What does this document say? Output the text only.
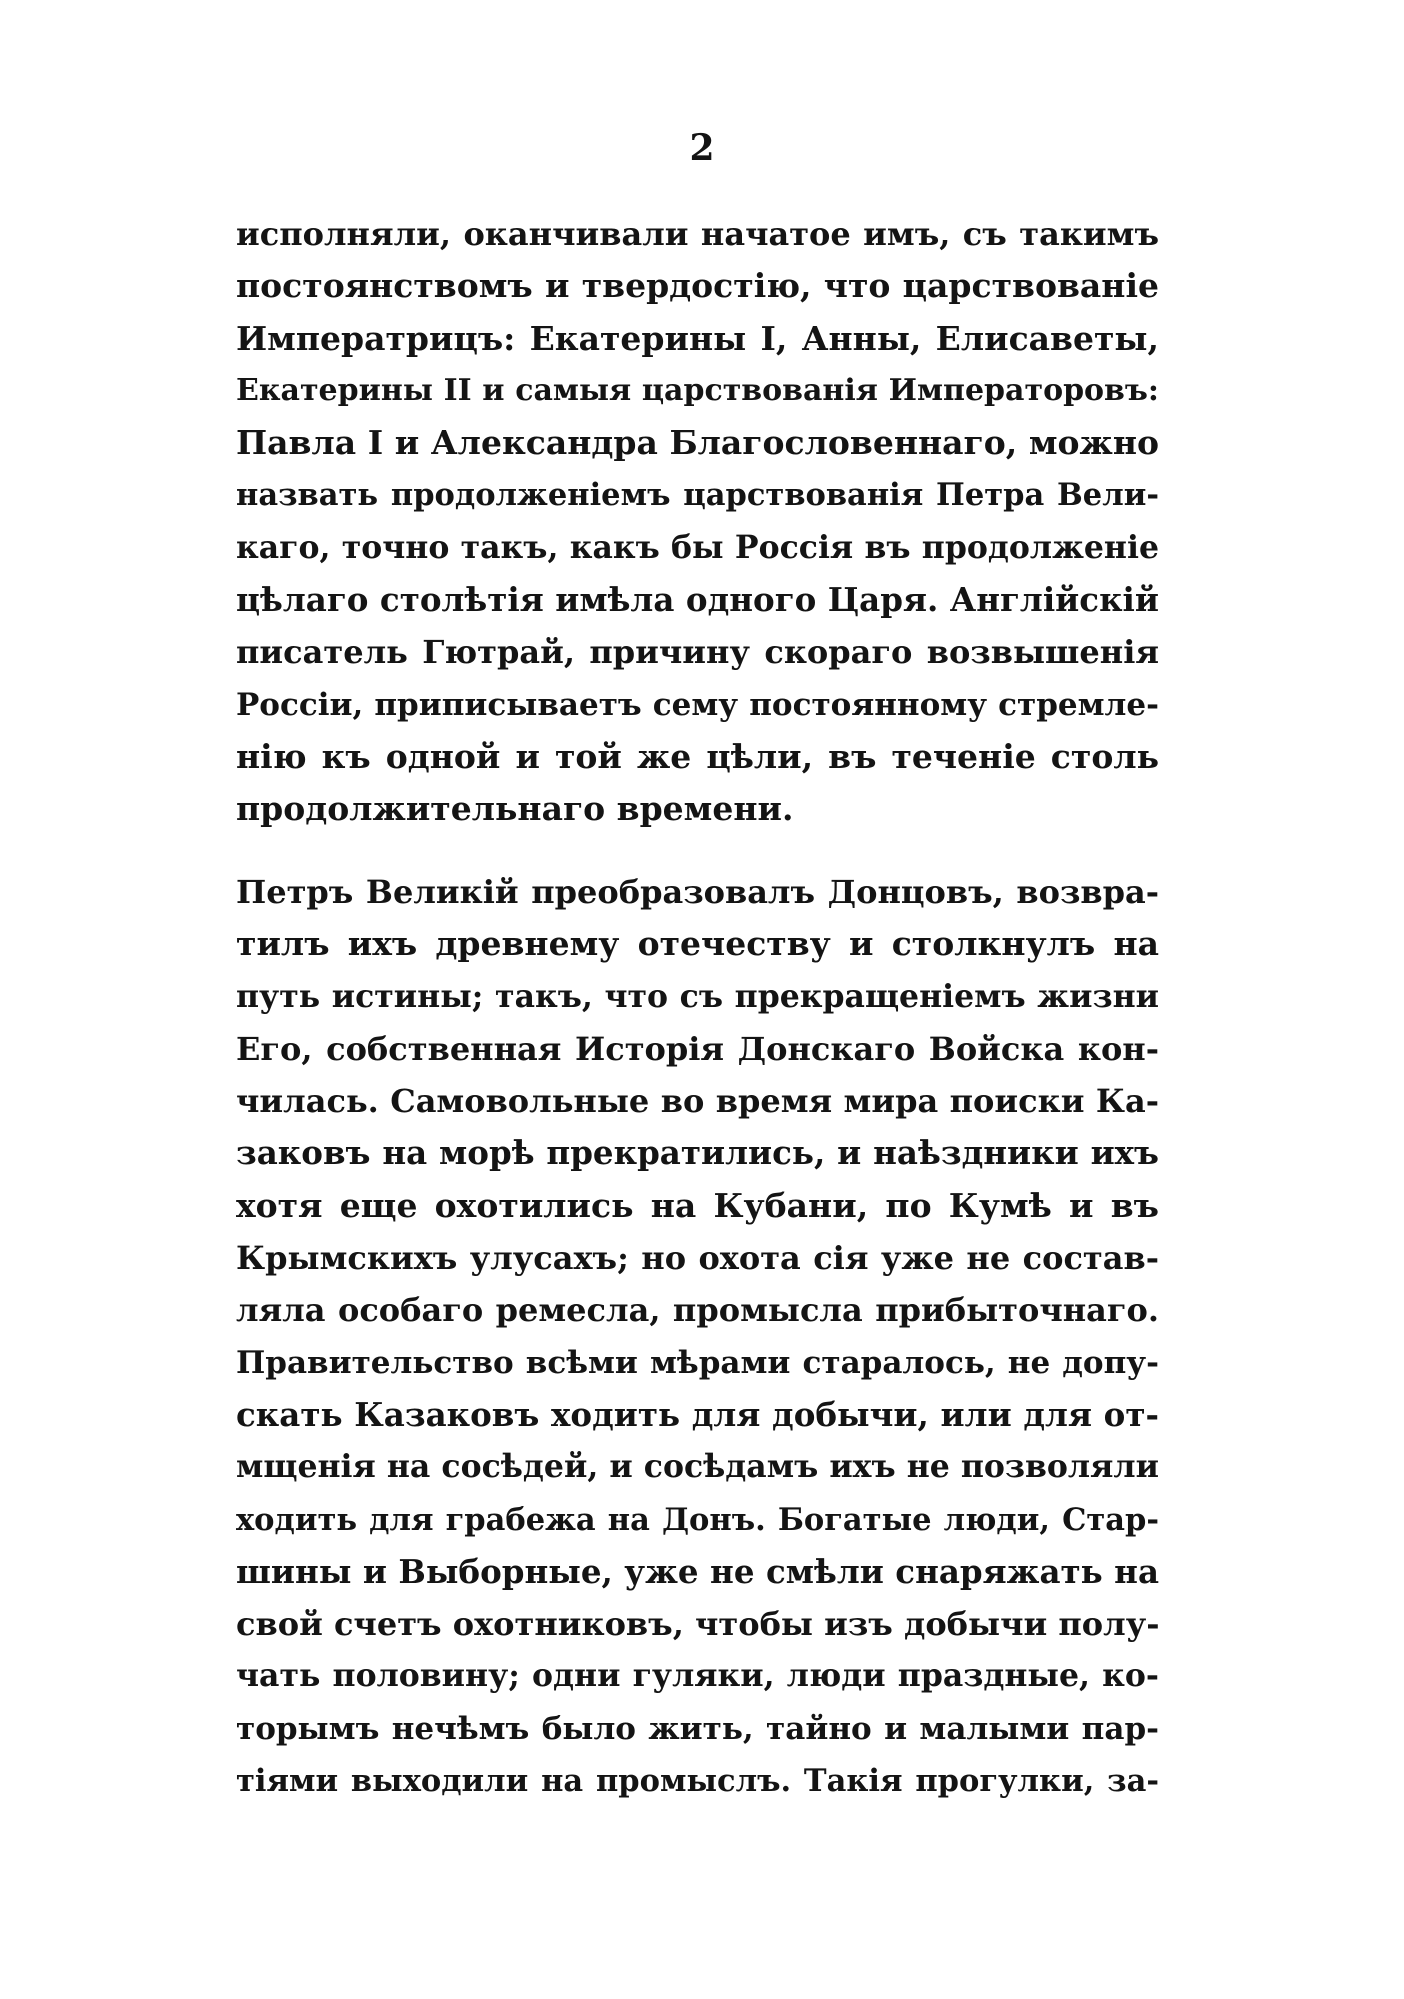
2
исполняли, оканчивали начатое имъ, съ такимъ
постоянствомъ и твердостію, что царствованіе
Императрицъ: Екатерины I, Анны, Елисаветы,
Екатерины II и самыя царствованія Императоровъ:
Павла I и Александра Благословеннаго, можно
назвать продолженіемъ царствованія Петра Вели-
каго, точно такъ, какъ бы Россія въ продолженіе
цѣлаго столѣтія имѣла одного Царя. Англійскій
писатель Гютрай, причину скораго возвышенія
Россіи, приписываетъ сему постоянному стремле-
нію къ одной и той же цѣли, въ теченіе столь
продолжительнаго времени.
Петръ Великій преобразовалъ Донцовъ, возвра-
тилъ ихъ древнему отечеству и столкнулъ на
путь истины; такъ, что съ прекращеніемъ жизни
Его, собственная Исторія Донскаго Войска кон-
чилась. Самовольные во время мира поиски Ка-
заковъ на морѣ прекратились, и наѣздники ихъ
хотя еще охотились на Кубани, по Кумѣ и въ
Крымскихъ улусахъ; но охота сія уже не состав-
ляла особаго ремесла, промысла прибыточнаго.
Правительство всѣми мѣрами старалось, не допу-
скать Казаковъ ходить для добычи, или для от-
мщенія на сосѣдей, и сосѣдамъ ихъ не позволяли
ходить для грабежа на Донъ. Богатые люди, Стар-
шины и Выборные, уже не смѣли снаряжать на
свой счетъ охотниковъ, чтобы изъ добычи полу-
чать половину; одни гуляки, люди праздные, ко-
торымъ нечѣмъ было жить, тайно и малыми пар-
тіями выходили на промыслъ. Такія прогулки, за-
